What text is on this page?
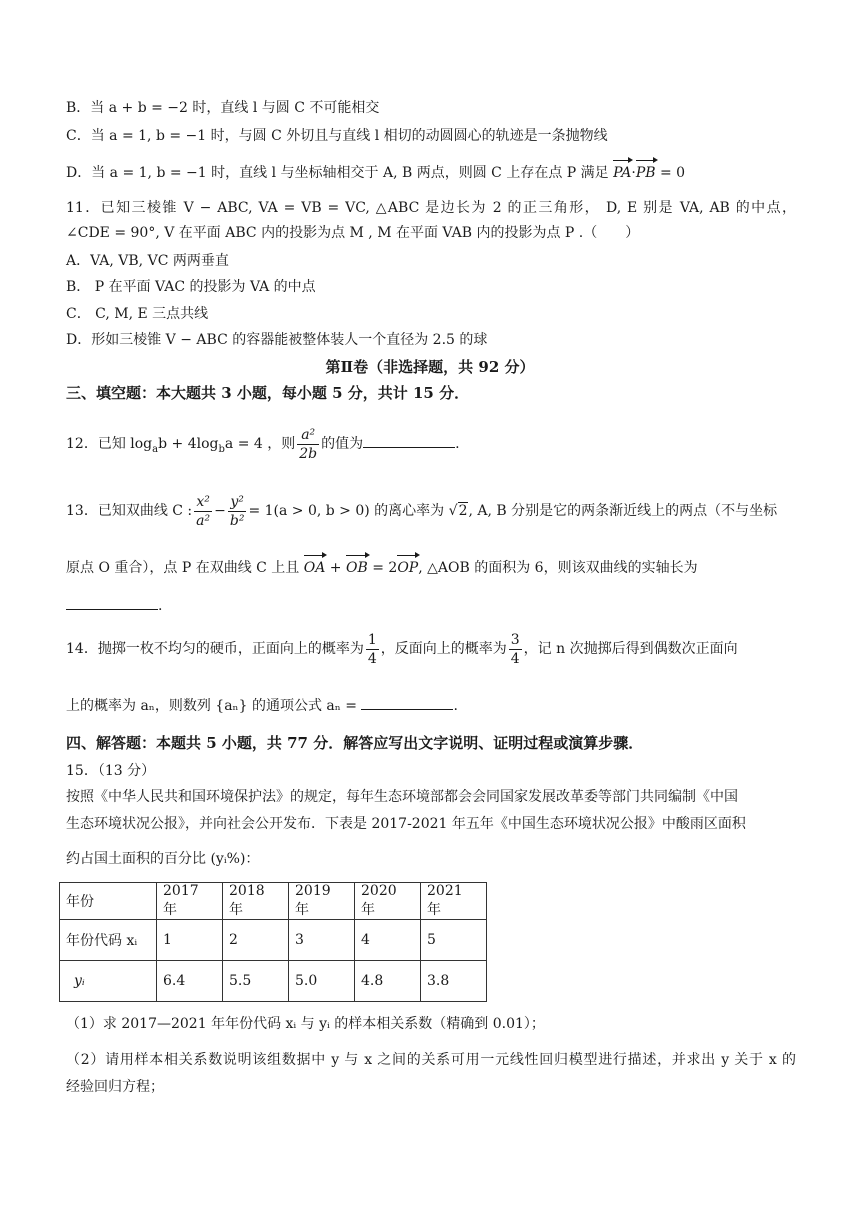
B．当 a + b = −2 时，直线 l 与圆 C 不可能相交
C．当 a = 1, b = −1 时，与圆 C 外切且与直线 l 相切的动圆圆心的轨迹是一条抛物线
D．当 a = 1, b = −1 时，直线 l 与坐标轴相交于 A, B 两点，则圆 C 上存在点 P 满足 PA·PB = 0
11．已知三棱锥 V − ABC, VA = VB = VC, △ABC 是边长为 2 的正三角形， D, E 别是 VA, AB 的中点，
∠CDE = 90°, V 在平面 ABC 内的投影为点 M , M 在平面 VAB 内的投影为点 P .（　　）
A．VA, VB, VC 两两垂直
B． P 在平面 VAC 的投影为 VA 的中点
C． C, M, E 三点共线
D．形如三棱锥 V − ABC 的容器能被整体装人一个直径为 2.5 的球
第Ⅱ卷（非选择题，共 92 分）
三、填空题：本大题共 3 小题，每小题 5 分，共计 15 分．
12．已知 $\log_ab + 4\log_ba = 4$ ，则 $\frac{\text{a²}}{2b}$ 的值为	.
13．已知双曲线 C : $\frac{\text{x²}}{\text{a²}} - \frac{\text{y²}}{\text{b²}} = 1(a > 0$, b > 0) 的离心率为 √2, A, B 分别是它的两条渐近线上的两点（不与坐标
原点 O 重合），点 P 在双曲线 C 上且 OA + OB = 2OP, △AOB 的面积为 6，则该双曲线的实轴长为
.
14．抛掷一枚不均匀的硬币，正面向上的概率为 $\frac{1}{4}$ ，反面向上的概率为 $\frac{3}{4}$ ，记 n 次抛掷后得到偶数次正面向
上的概率为 aₙ，则数列 {aₙ} 的通项公式 aₙ =	.
四、解答题：本题共 5 小题，共 77 分．解答应写出文字说明、证明过程或演算步骤．
15．（13 分）
按照《中华人民共和国环境保护法》的规定，每年生态环境部都会会同国家发展改革委等部门共同编制《中国
生态环境状况公报》，并向社会公开发布．下表是 2017-2021 年五年《中国生态环境状况公报》中酸雨区面积
约占国土面积的百分比 (yᵢ%)：
年份	2017 年	2018 年	2019 年	2020 年	2021 年
年份代码 xᵢ	1	2	3	4	5
yᵢ	6.4	5.5	5.0	4.8	3.8
（1）求 2017—2021 年年份代码 xᵢ 与 yᵢ 的样本相关系数（精确到 0.01）；
（2）请用样本相关系数说明该组数据中 y 与 x 之间的关系可用一元线性回归模型进行描述，并求出 y 关于 x 的
经验回归方程；
